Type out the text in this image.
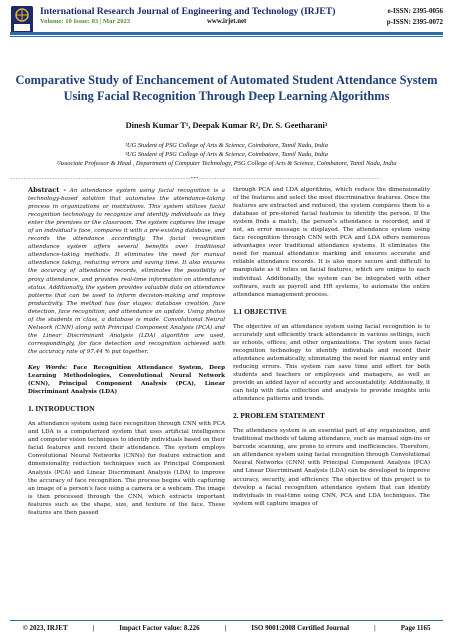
International Research Journal of Engineering and Technology (IRJET)
Volume: 10 Issue: 03 | Mar 2023	www.irjet.net
e-ISSN: 2395-0056
p-ISSN: 2395-0072
Comparative Study of Enchancement of Automated Student Attendance System Using Facial Recognition Through Deep Learning Algorithms
Dinesh Kumar T¹, Deepak Kumar R², Dr. S. Geetharani³
¹UG Student of PSG College of Arts & Science, Coimbatore, Tamil Nadu, India
²UG Student of PSG College of Arts & Science, Coimbatore, Tamil Nadu, India
³Associate Professor & Head , Department of Computer Technology, PSG College of Arts & Science, Coimbatore, Tamil Nadu, India
---------------------------------------------------------------------***---------------------------------------------------------------------

Abstract - An attendance system using facial recognition is a technology-based solution that automates the attendance-taking process in organizations or institutions. This system utilizes facial recognition technology to recognize and identify individuals as they enter the premises or the classroom. The system captures the image of an individual's face, compares it with a pre-existing database, and records the attendance accordingly. The facial recognition attendance system offers several benefits over traditional attendance-taking methods. It eliminates the need for manual attendance taking, reducing errors and saving time. It also ensures the accuracy of attendance records, eliminates the possibility of proxy attendance, and provides real-time information on attendance status. Additionally, the system provides valuable data on attendance patterns that can be used to inform decision-making and improve productivity. The method has four stages: database creation, face detection, face recognition, and attendance an update. Using photos of the students in class, a database is made. Convolutional Neural Network (CNN) along with Principal Component Analysis (PCA) and the Linear Discriminant Analysis (LDA) algorithm are used, correspondingly, for face detection and recognition achieved with the accuracy rate of 97.44 % put together.

Key Words: Face Recognition Attendance System, Deep Learning Methodologies, Convolutional Neural Network (CNN), Principal Component Analysis (PCA), Linear Discriminant Analysis (LDA)

1. INTRODUCTION

An attendance system using face recognition through CNN with PCA and LDA is a computerized system that uses artificial intelligence and computer vision techniques to identify individuals based on their facial features and record their attendance. The system employs Convolutional Neural Networks (CNNs) for feature extraction and dimensionality reduction techniques such as Principal Component Analysis (PCA) and Linear Discriminant Analysis (LDA) to improve the accuracy of face recognition. The process begins with capturing an image of a person's face using a camera or a webcam. The image is then processed through the CNN, which extracts important features such as the shape, size, and texture of the face. These features are then passed

through PCA and LDA algorithms, which reduce the dimensionality of the features and select the most discriminative features. Once the features are extracted and reduced, the system compares them to a database of pre-stored facial features to identify the person. If the system finds a match, the person's attendance is recorded, and if not, an error message is displayed. The attendance system using face recognition through CNN with PCA and LDA offers numerous advantages over traditional attendance systems. It eliminates the need for manual attendance marking and ensures accurate and reliable attendance records. It is also more secure and difficult to manipulate as it relies on facial features, which are unique to each individual. Additionally, the system can be integrated with other software, such as payroll and HR systems, to automate the entire attendance management process.

1.1 OBJECTIVE

The objective of an attendance system using facial recognition is to accurately and efficiently track attendance in various settings, such as schools, offices, and other organizations. The system uses facial recognition technology to identify individuals and record their attendance automatically, eliminating the need for manual entry and reducing errors. This system can save time and effort for both students and teachers or employees and managers, as well as provide an added layer of security and accountability. Additionally, it can help with data collection and analysis to provide insights into attendance patterns and trends.

2. PROBLEM STATEMENT

The attendance system is an essential part of any organization, and traditional methods of taking attendance, such as manual sign-ins or barcode scanning, are prone to errors and inefficiencies. Therefore, an attendance system using facial recognition through Convolutional Neural Networks (CNN) with Principal Component Analysis (PCA) and Linear Discriminant Analysis (LDA) can be developed to improve accuracy, security, and efficiency. The objective of this project is to develop a facial recognition attendance system that can identify individuals in real-time using CNN, PCA and LDA techniques. The system will capture images of

© 2023, IRJET	|	Impact Factor value: 8.226	|	ISO 9001:2008 Certified Journal	|	Page 1165
